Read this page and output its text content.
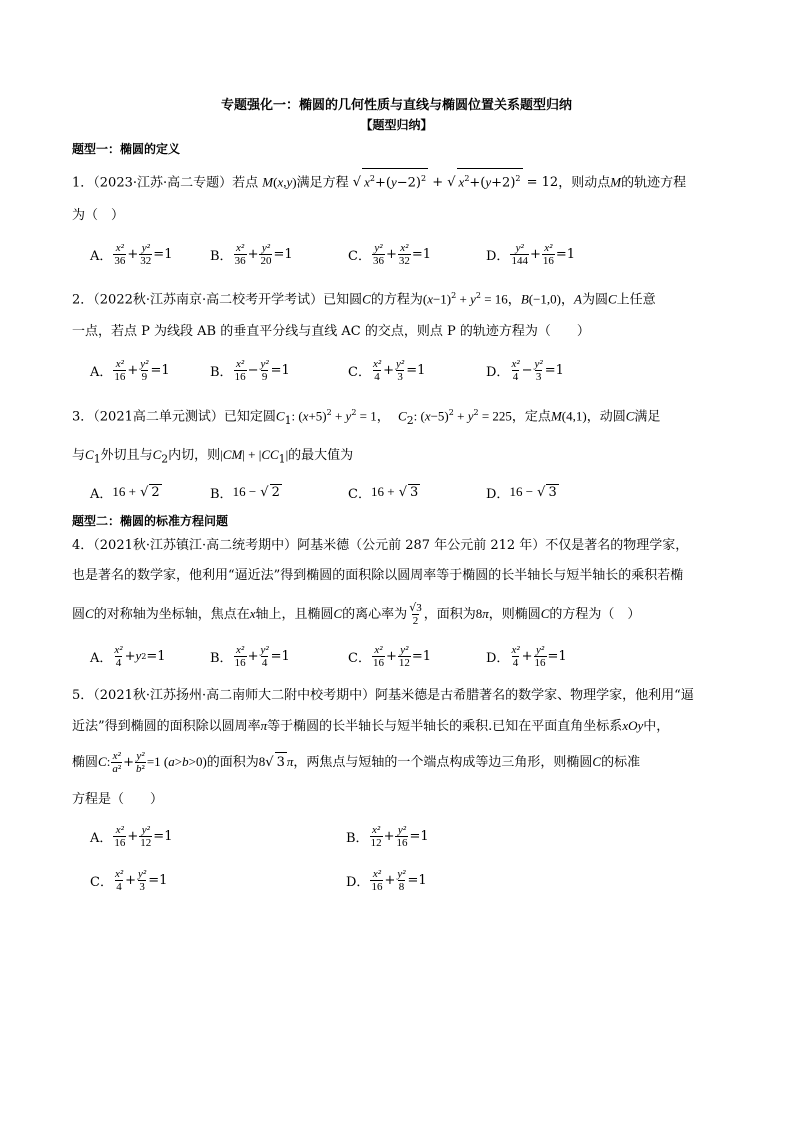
专题强化一：椭圆的几何性质与直线与椭圆位置关系题型归纳
【题型归纳】
题型一：椭圆的定义
1．（2023·江苏·高二专题）若点 M(x,y)满足方程 √ $x^2+(y-2)^2$ + √ $x^2+(y+2)^2 = 12$，则动点M的轨迹方程
为（　）
A． $\frac{\text{x²}}{36} + \frac{\text{y²}}{32} =1$	B． $\frac{\text{x²}}{36} + \frac{\text{y²}}{20} =1$	C． $\frac{\text{y²}}{36} + \frac{\text{x²}}{32} =1$	D． $\frac{\text{y²}}{144} + \frac{\text{x²}}{16} =1$
2．（2022秋·江苏南京·高二校考开学考试）已知圆C的方程为$(x-1)^2 + y^2 = 16$，B(−1,0)，A为圆C上任意
一点，若点 P 为线段 AB 的垂直平分线与直线 AC 的交点，则点 P 的轨迹方程为（　　）
A． $\frac{\text{x²}}{16} + \frac{\text{y²}}{9} =1$	B． $\frac{\text{x²}}{16} - \frac{\text{y²}}{9} =1$	C． $\frac{\text{x²}}{4} + \frac{\text{y²}}{3} =1$	D． $\frac{\text{x²}}{4} - \frac{\text{y²}}{3} =1$
3．（2021高二单元测试）已知定圆$C_1$: $(x+5)^2 + y^2 = 1$， $C_2$: $(x-5)^2 + y^2 = 225$，定点M(4,1)，动圆C满足
与$C_1$外切且与$C_2$内切，则$|CM| + |CC_1|$的最大值为
A． 16 +
√ 2	B． 16 −
√ 2	C． 16 +
√ 3	D． 16 −
√ 3
题型二：椭圆的标准方程问题
4．（2021秋·江苏镇江·高二统考期中）阿基米德（公元前 287 年公元前 212 年）不仅是著名的物理学家，
也是著名的数学家，他利用“逼近法”得到椭圆的面积除以圆周率等于椭圆的长半轴长与短半轴长的乘积若椭
圆C的对称轴为坐标轴，焦点在x轴上，且椭圆C的离心率为 $\frac{√3}{2}$ ，面积为8π，则椭圆C的方程为（　）
A． $\frac{\text{x²}}{4} + y$ 2 =1	B． $\frac{\text{x²}}{16} + \frac{\text{y²}}{4} =1$	C． $\frac{\text{x²}}{16} + \frac{\text{y²}}{12} =1$	D． $\frac{\text{x²}}{4} + \frac{\text{y²}}{16} =1$
5．（2021秋·江苏扬州·高二南师大二附中校考期中）阿基米德是古希腊著名的数学家、物理学家，他利用“逼
近法”得到椭圆的面积除以圆周率π等于椭圆的长半轴长与短半轴长的乘积.已知在平面直角坐标系xOy中，
椭圆C: $\frac{\text{x²}}{\text{a²}} + \frac{\text{y²}}{\text{b²}} =1$ (a>b>0)的面积为8√ 3 π，两焦点与短轴的一个端点构成等边三角形，则椭圆C的标准
方程是（　　）
A． $\frac{\text{x²}}{16} + \frac{\text{y²}}{12} =1$	B． $\frac{\text{x²}}{12} + \frac{\text{y²}}{16} =1$
C． $\frac{\text{x²}}{4} + \frac{\text{y²}}{3} =1$	D． $\frac{\text{x²}}{16} + \frac{\text{y²}}{8} =1$
